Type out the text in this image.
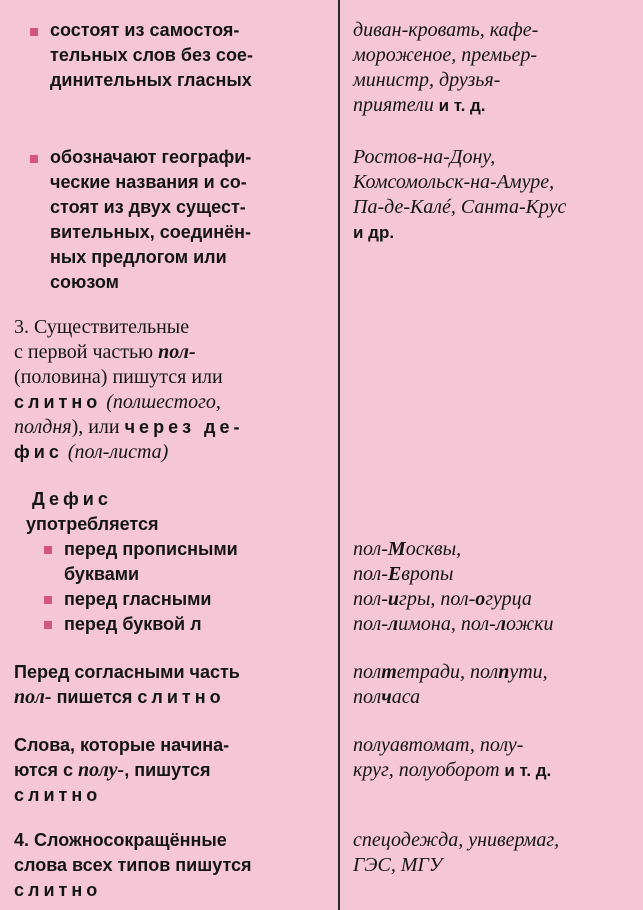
состоят из самостоя-
тельных слов без сое-
динительных гласных
обозначают географи-
ческие названия и со-
стоят из двух сущест-
вительных, соединён-
ных предлогом или
союзом
3. Существительные
с первой частью пол-
(половина) пишутся или
слитно (полшестого,
полдня), или через де-
фис (пол-листа)
Дефис
употребляется
перед прописными
буквами
перед гласными
перед буквой л
Перед согласными часть
пол- пишется слитно
Слова, которые начина-
ются с полу-, пишутся
слитно
4. Сложносокращённые
слова всех типов пишутся
слитно
диван-кровать, кафе-
мороженое, премьер-
министр, друзья-
приятели и т. д.
Ростов-на-Дону,
Комсомольск-на-Амуре,
Па-де-Калé, Санта-Крус
и др.
пол-Москвы,
пол-Европы
пол-игры, пол-огурца
пол-лимона, пол-ложки
полтетради, полпути,
полчаса
полуавтомат, полу-
круг, полуоборот и т. д.
спецодежда, универмаг,
ГЭС, МГУ
